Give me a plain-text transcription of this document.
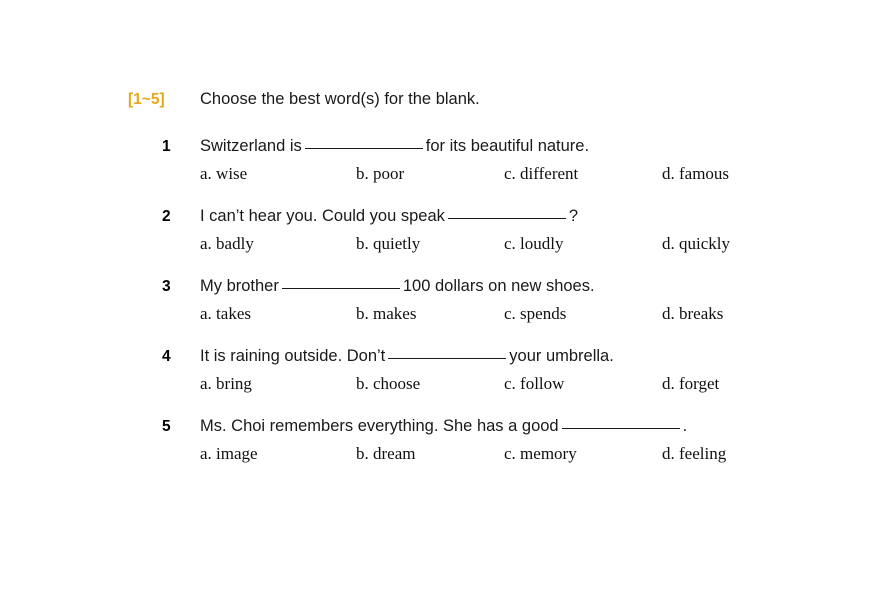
[1~5]	Choose the best word(s) for the blank.
1	Switzerland is	for its beautiful nature.
a. wise	b. poor	c. different	d. famous
2	I can’t hear you. Could you speak	?
a. badly	b. quietly	c. loudly	d. quickly
3	My brother	100 dollars on new shoes.
a. takes	b. makes	c. spends	d. breaks
4	It is raining outside. Don’t	your umbrella.
a. bring	b. choose	c. follow	d. forget
5	Ms. Choi remembers everything. She has a good	.
a. image	b. dream	c. memory	d. feeling
